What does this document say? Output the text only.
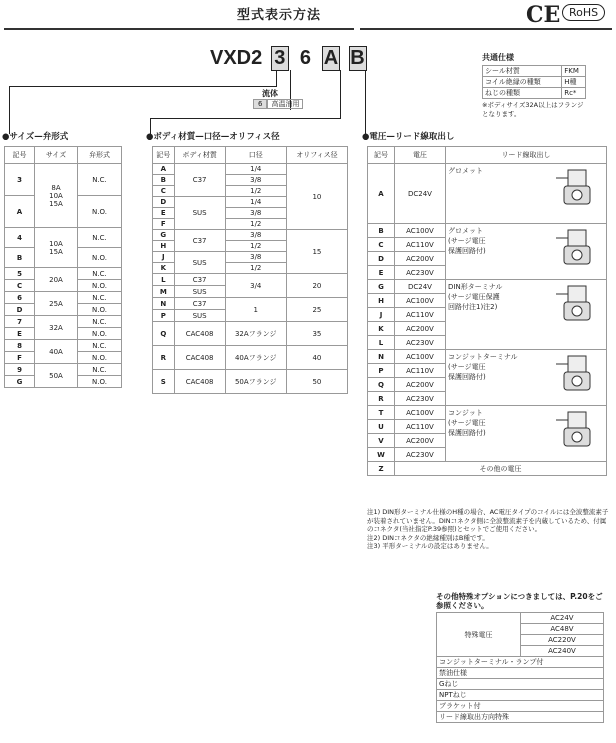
型式表示方法	CE RoHS
VXD2 3 6 A B
流体
6 高温油用
共通仕様
シール材質	FKM
コイル絶縁の種類	H種
ねじの種類	Rc*
※ボディサイズ32A以上はフランジとなります。
●サイズ—弁形式	●ボディ材質—口径—オリフィス径	●電圧—リード線取出し
記号	サイズ	弁形式
3	8A
10A
15A	N.C.
A		N.O.
4	10A
15A	N.C.
B		N.O.
5	20A	N.C.
C		N.O.
6	25A	N.C.
D		N.O.
7	32A	N.C.
E		N.O.
8	40A	N.C.
F		N.O.
9	50A	N.C.
G		N.O.
記号	ボディ材質	口径	オリフィス径
A	C37	1/4	10
B		3/8	
C		1/2	
D	SUS	1/4	
E		3/8	
F		1/2	
G	C37	3/8	15
H		1/2	
J	SUS	3/8	
K		1/2	
L	C37	3/4	20
M	SUS		
N	C37	1	25
P	SUS		
Q	CAC408	32Aフランジ	35
R	CAC408	40Aフランジ	40
S	CAC408	50Aフランジ	50
記号	電圧	リード線取出し
A	DC24V	グロメット

B	AC100V	グロメット
(サージ電圧
保護回路付)

C	AC110V	
D	AC200V	
E	AC230V	
G	DC24V	DIN形ターミナル
(サージ電圧保護
回路付注1)注2)

H	AC100V	
J	AC110V	
K	AC200V	
L	AC230V	
N	AC100V	コンジットターミナル
(サージ電圧
保護回路付)

P	AC110V	
Q	AC200V	
R	AC230V	
T	AC100V	コンジット
(サージ電圧
保護回路付)

U	AC110V	
V	AC200V	
W	AC230V	
Z	その他の電圧	
注1) DIN形ターミナル仕様のH種の場合、AC電圧タイプのコイルには全波整流素子が装着されていません。DINコネクタ側に全波整流素子を内蔵しているため、付属のコネクタ(当社指定P.39参照)とセットでご使用ください。
注2) DINコネクタの絶縁種別はB種です。
注3) 平形ターミナルの設定はありません。
その他特殊オプションにつきましては、P.20をご参照ください。
特殊電圧	AC24V
AC48V
AC220V
AC240V
コンジットターミナル・ランプ付
禁油仕様
Gねじ
NPTねじ
ブラケット付
リード線取出方向特殊
